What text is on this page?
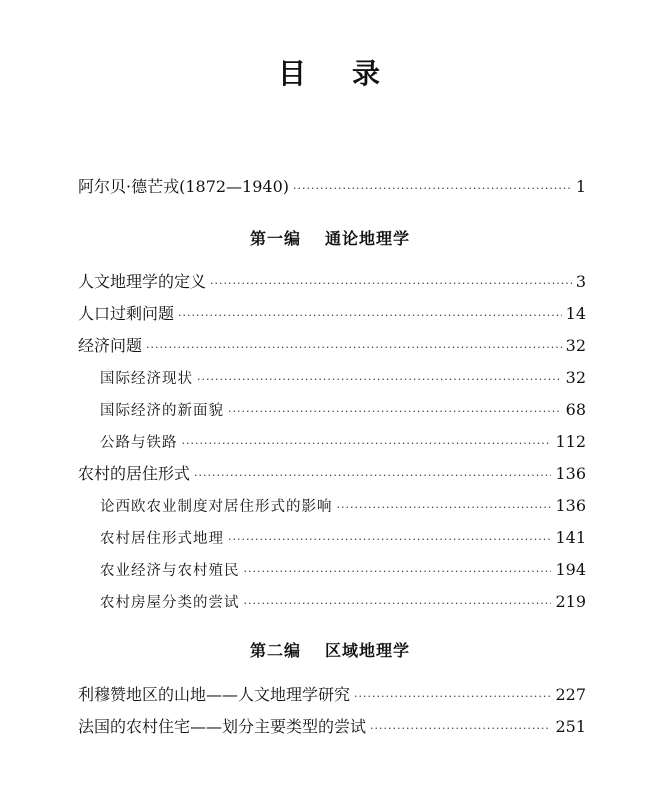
目 录
阿尔贝·德芒戎(1872—1940) ·····	1
第一编 通论地理学
人文地理学的定义 ·····	3
人口过剩问题 ·····	14
经济问题 ·····	32
国际经济现状 ·····	32
国际经济的新面貌 ·····	68
公路与铁路 ·····	112
农村的居住形式 ·····	136
论西欧农业制度对居住形式的影响 ·····	136
农村居住形式地理 ·····	141
农业经济与农村殖民 ·····	194
农村房屋分类的尝试 ·····	219
第二编 区域地理学
利穆赞地区的山地——人文地理学研究 ·····	227
法国的农村住宅——划分主要类型的尝试 ·····	251
